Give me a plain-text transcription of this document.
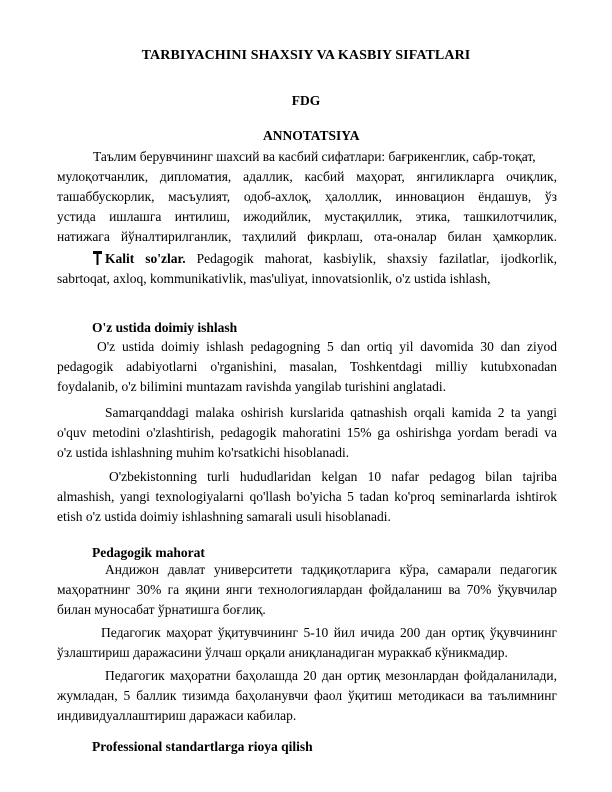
TARBIYACHINI SHAXSIY VA KASBIY SIFATLARI
FDG
ANNOTATSIYA
Таълим берувчининг шахсий ва касбий сифатлари: бағрикенглик, сабр-тоқат,
мулоқотчанлик, дипломатия, адаллик, касбий маҳорат, янгиликларга очиқлик,
ташаббускорлик, масъулият, одоб-ахлоқ, ҳалоллик, инновацион ёндашув, ўз
устида ишлашга интилиш, ижодийлик, мустақиллик, этика, ташкилотчилик,
натижага йўналтирилганлик, таҳлилий фикрлаш, ота-оналар билан ҳамкорлик.
Kalit so'zlar. Pedagogik mahorat, kasbiylik, shaxsiy fazilatlar, ijodkorlik,
sabrtoqat, axloq, kommunikativlik, mas'uliyat, innovatsionlik, o'z ustida ishlash,
O'z ustida doimiy ishlash
O'z ustida doimiy ishlash pedagogning 5 dan ortiq yil davomida 30 dan ziyod
pedagogik adabiyotlarni o'rganishini, masalan, Toshkentdagi milliy kutubxonadan
foydalanib, o'z bilimini muntazam ravishda yangilab turishini anglatadi.
Samarqanddagi malaka oshirish kurslarida qatnashish orqali kamida 2 ta yangi
o'quv metodini o'zlashtirish, pedagogik mahoratini 15% ga oshirishga yordam beradi va
o'z ustida ishlashning muhim ko'rsatkichi hisoblanadi.
O'zbekistonning turli hududlaridan kelgan 10 nafar pedagog bilan tajriba
almashish, yangi texnologiyalarni qo'llash bo'yicha 5 tadan ko'proq seminarlarda ishtirok
etish o'z ustida doimiy ishlashning samarali usuli hisoblanadi.
Pedagogik mahorat
Андижон давлат университети тадқиқотларига кўра, самарали педагогик
маҳоратнинг 30% га яқини янги технологиялардан фойдаланиш ва 70% ўқувчилар
билан муносабат ўрнатишга боғлиқ.
Педагогик маҳорат ўқитувчининг 5-10 йил ичида 200 дан ортиқ ўқувчининг
ўзлаштириш даражасини ўлчаш орқали аниқланадиган мураккаб кўникмадир.
Педагогик маҳоратни баҳолашда 20 дан ортиқ мезонлардан фойдаланилади,
жумладан, 5 баллик тизимда баҳоланувчи фаол ўқитиш методикаси ва таълимнинг
индивидуаллаштириш даражаси кабилар.
Professional standartlarga rioya qilish
